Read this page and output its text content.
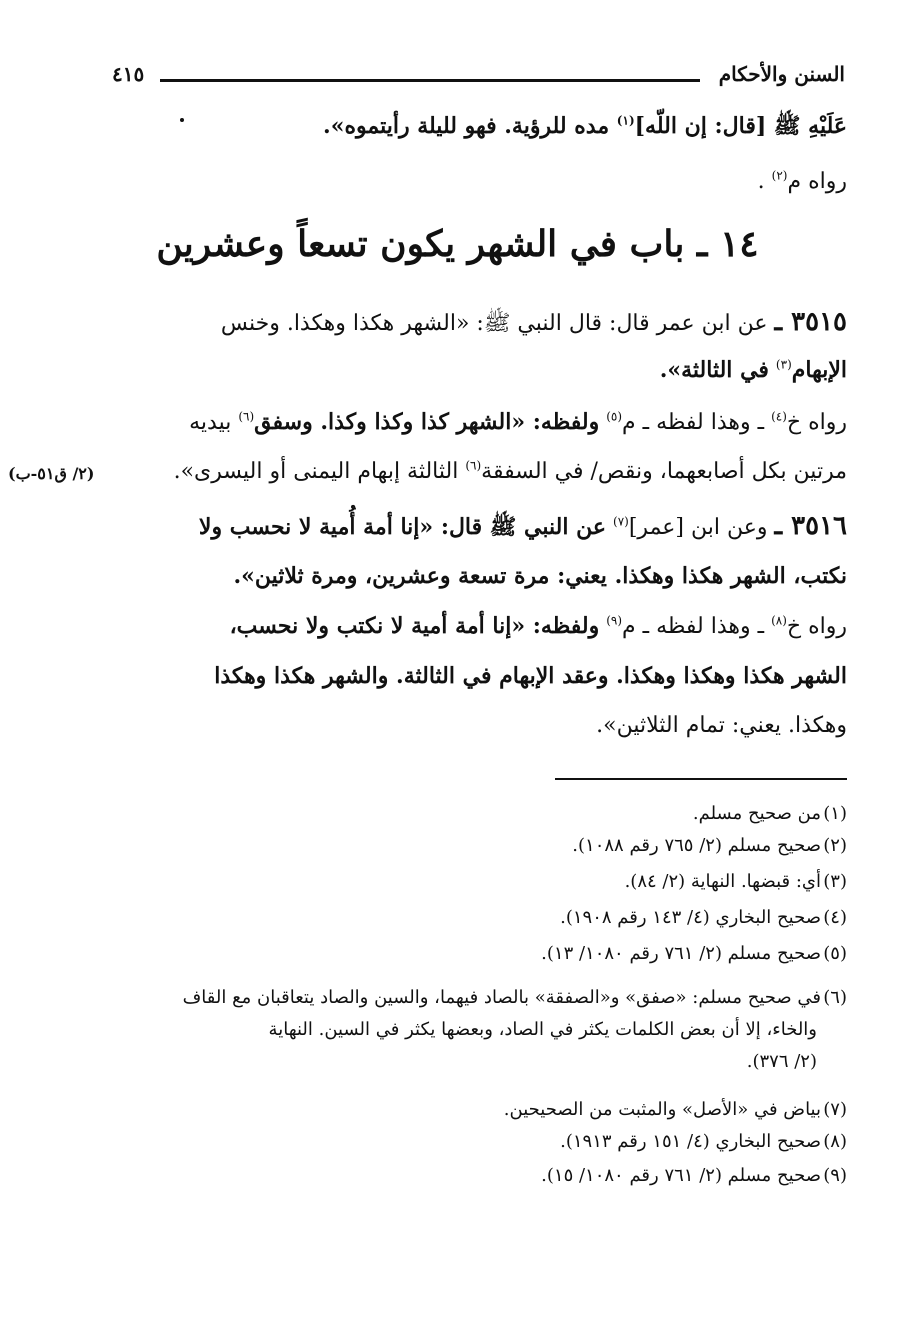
السنن والأحكام
٤١٥
عَلَيْهِ ﷺ [قال: إن اللّه]$^{(١)}$ مده للرؤية. فهو لليلة رأيتموه».
رواه م$^{(٢)}$ .
١٤ ـ باب في الشهر يكون تسعاً وعشرين
٣٥١٥ ـ عن ابن عمر قال: قال النبي ﷺ: «الشهر هكذا وهكذا. وخنس
الإبهام$^{(٣)}$ في الثالثة».
رواه خ$^{(٤)}$ ـ وهذا لفظه ـ م$^{(٥)}$ ولفظه: «الشهر كذا وكذا وكذا. وسفق$^{(٦)}$ بيديه
مرتين بكل أصابعهما، ونقص/ في السفقة$^{(٦)}$ الثالثة إبهام اليمنى أو اليسرى».
(٢/ ق٥١-ب)
٣٥١٦ ـ وعن ابن [عمر]$^{(٧)}$ عن النبي ﷺ قال: «إنا أمة أُمية لا نحسب ولا
نكتب، الشهر هكذا وهكذا. يعني: مرة تسعة وعشرين، ومرة ثلاثين».
رواه خ$^{(٨)}$ ـ وهذا لفظه ـ م$^{(٩)}$ ولفظه: «إنا أمة أمية لا نكتب ولا نحسب،
الشهر هكذا وهكذا وهكذا. وعقد الإبهام في الثالثة. والشهر هكذا وهكذا
وهكذا. يعني: تمام الثلاثين».
(١)من صحيح مسلم.
(٢)صحيح مسلم (٢/ ٧٦٥ رقم ١٠٨٨).
(٣)أي: قبضها. النهاية (٢/ ٨٤).
(٤)صحيح البخاري (٤/ ١٤٣ رقم ١٩٠٨).
(٥)صحيح مسلم (٢/ ٧٦١ رقم ١٠٨٠/ ١٣).
(٦)في صحيح مسلم: «صفق» و«الصفقة» بالصاد فيهما، والسين والصاد يتعاقبان مع القاف
والخاء، إلا أن بعض الكلمات يكثر في الصاد، وبعضها يكثر في السين. النهاية
(٢/ ٣٧٦).
(٧)بياض في «الأصل» والمثبت من الصحيحين.
(٨)صحيح البخاري (٤/ ١٥١ رقم ١٩١٣).
(٩)صحيح مسلم (٢/ ٧٦١ رقم ١٠٨٠/ ١٥).
